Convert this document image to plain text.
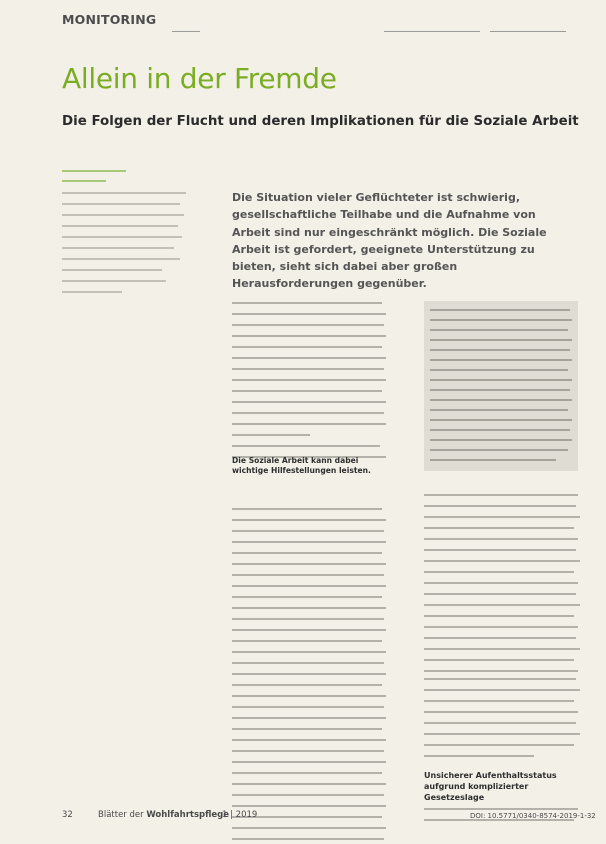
MONITORING
Allein in der Fremde
Die Folgen der Flucht und deren Implikationen für die Soziale Arbeit
Die Situation vieler Geflüchteter ist schwierig, gesellschaftliche Teilhabe und die Aufnahme von Arbeit sind nur eingeschränkt möglich. Die Soziale Arbeit ist gefordert, geeignete Unterstützung zu bieten, sieht sich dabei aber großen Herausforderungen gegenüber.
Die Soziale Arbeit kann dabei wichtige Hilfestellungen leisten.
Unsicherer Aufenthaltsstatus aufgrund komplizierter Gesetzeslage
32	Blätter der Wohlfahrtspflege
1 | 2019	DOI: 10.5771/0340-8574-2019-1-32
